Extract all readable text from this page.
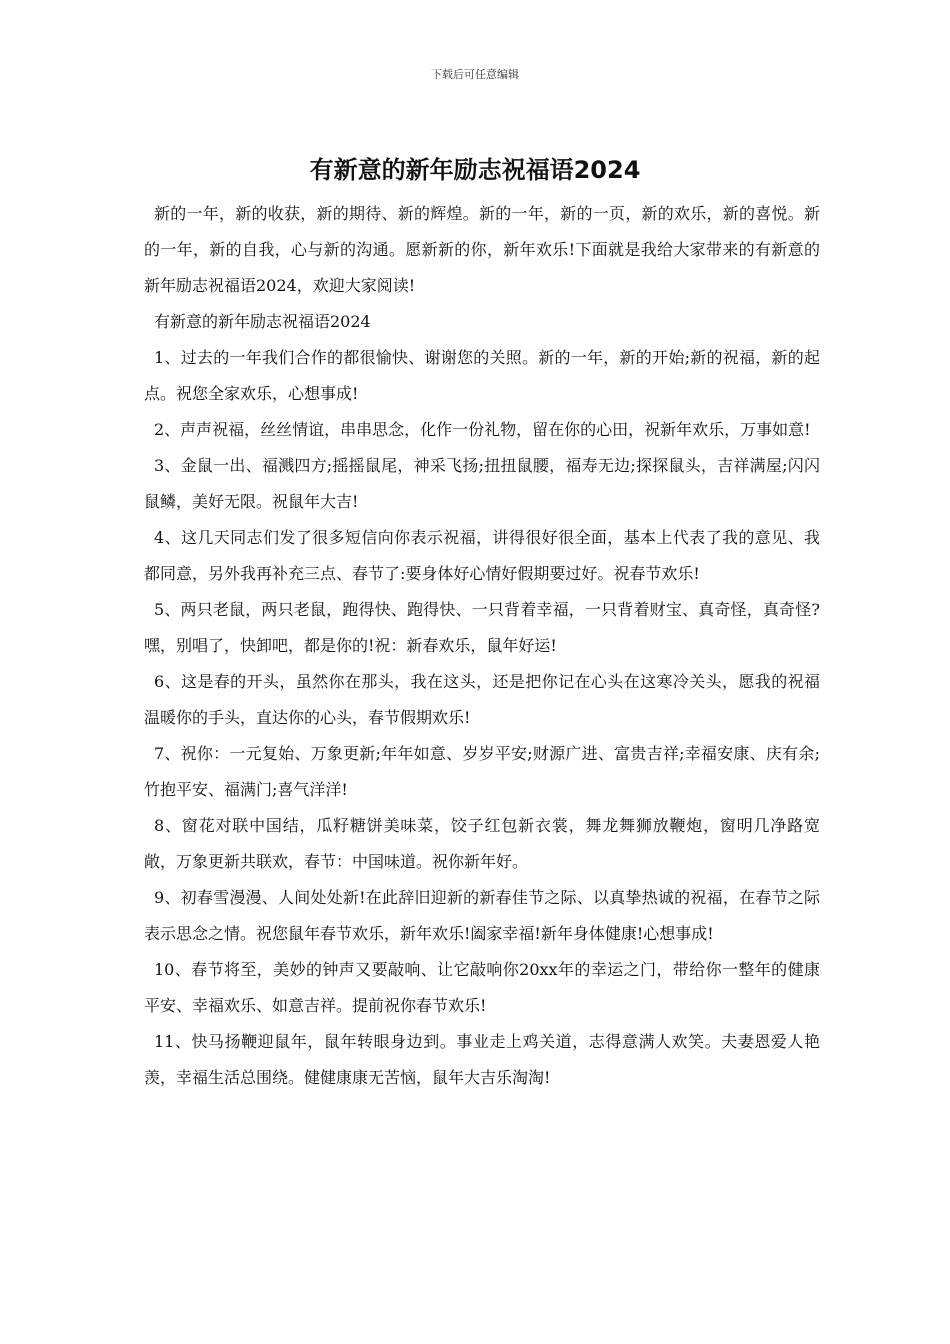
下载后可任意编辑
有新意的新年励志祝福语2024

新的一年，新的收获，新的期待、新的辉煌。新的一年，新的一页，新的欢乐，新的喜悦。新的一年，新的自我，心与新的沟通。愿新新的你，新年欢乐!下面就是我给大家带来的有新意的新年励志祝福语2024，欢迎大家阅读!

有新意的新年励志祝福语2024

1、过去的一年我们合作的都很愉快、谢谢您的关照。新的一年，新的开始;新的祝福，新的起点。祝您全家欢乐，心想事成!

2、声声祝福，丝丝情谊，串串思念，化作一份礼物，留在你的心田，祝新年欢乐，万事如意!

3、金鼠一出、福溅四方;摇摇鼠尾，神采飞扬;扭扭鼠腰，福寿无边;探探鼠头，吉祥满屋;闪闪鼠鳞，美好无限。祝鼠年大吉!

4、这几天同志们发了很多短信向你表示祝福，讲得很好很全面，基本上代表了我的意见、我都同意，另外我再补充三点、春节了:要身体好心情好假期要过好。祝春节欢乐!

5、两只老鼠，两只老鼠，跑得快、跑得快、一只背着幸福，一只背着财宝、真奇怪，真奇怪?嘿，别唱了，快卸吧，都是你的!祝：新春欢乐，鼠年好运!

6、这是春的开头，虽然你在那头，我在这头，还是把你记在心头在这寒冷关头，愿我的祝福温暖你的手头，直达你的心头，春节假期欢乐!

7、祝你：一元复始、万象更新;年年如意、岁岁平安;财源广进、富贵吉祥;幸福安康、庆有余;竹抱平安、福满门;喜气洋洋!

8、窗花对联中国结，瓜籽糖饼美味菜，饺子红包新衣裳，舞龙舞狮放鞭炮，窗明几净路宽敞，万象更新共联欢，春节：中国味道。祝你新年好。

9、初春雪漫漫、人间处处新!在此辞旧迎新的新春佳节之际、以真挚热诚的祝福，在春节之际表示思念之情。祝您鼠年春节欢乐，新年欢乐!阖家幸福!新年身体健康!心想事成!

10、春节将至，美妙的钟声又要敲响、让它敲响你20xx年的幸运之门，带给你一整年的健康平安、幸福欢乐、如意吉祥。提前祝你春节欢乐!

11、快马扬鞭迎鼠年，鼠年转眼身边到。事业走上鸡关道，志得意满人欢笑。夫妻恩爱人艳羡，幸福生活总围绕。健健康康无苦恼，鼠年大吉乐淘淘!
